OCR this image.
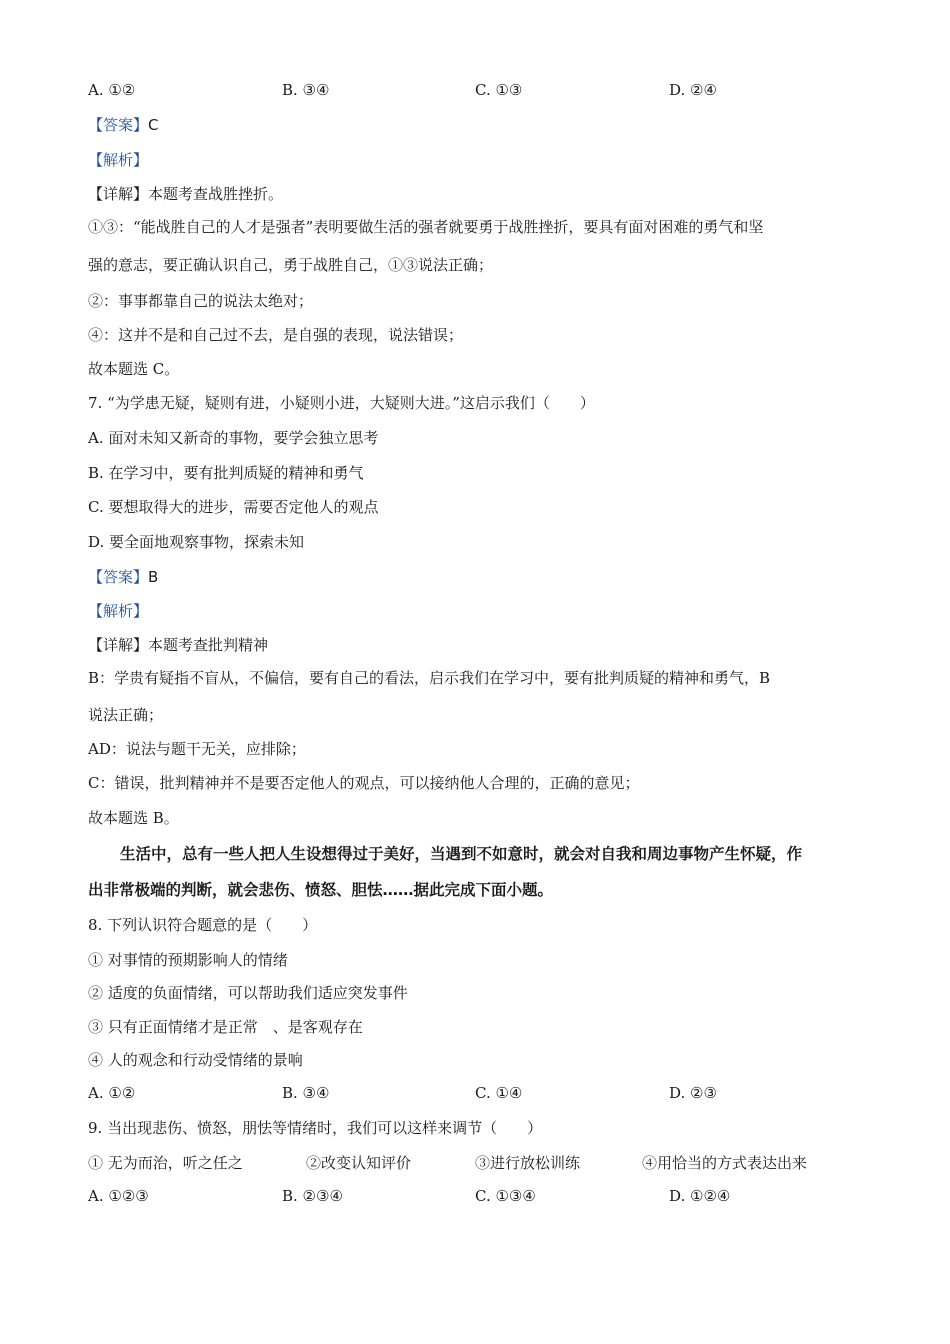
A. ①②	B. ③④	C. ①③	D. ②④
【答案】C
【解析】
【详解】本题考查战胜挫折。
①③：“能战胜自己的人才是强者”表明要做生活的强者就要勇于战胜挫折，要具有面对困难的勇气和坚
强的意志，要正确认识自己，勇于战胜自己，①③说法正确；
②：事事都靠自己的说法太绝对；
④：这并不是和自己过不去，是自强的表现，说法错误；
故本题选 C。
7. “为学患无疑，疑则有进，小疑则小进，大疑则大进。”这启示我们（　　）
A. 面对未知又新奇的事物，要学会独立思考
B. 在学习中，要有批判质疑的精神和勇气
C. 要想取得大的进步，需要否定他人的观点
D. 要全面地观察事物，探索未知
【答案】B
【解析】
【详解】本题考查批判精神
B：学贵有疑指不盲从，不偏信，要有自己的看法，启示我们在学习中，要有批判质疑的精神和勇气，B
说法正确；
AD：说法与题干无关，应排除；
C：错误，批判精神并不是要否定他人的观点，可以接纳他人合理的，正确的意见；
故本题选 B。
生活中，总有一些人把人生设想得过于美好，当遇到不如意时，就会对自我和周边事物产生怀疑，作
出非常极端的判断，就会悲伤、愤怒、胆怯……据此完成下面小题。
8. 下列认识符合题意的是（　　）
① 对事情的预期影响人的情绪
② 适度的负面情绪，可以帮助我们适应突发事件
③ 只有正面情绪才是正常　、是客观存在
④ 人的观念和行动受情绪的景响
A. ①②	B. ③④	C. ①④	D. ②③
9. 当出现悲伤、愤怒，朋怯等情绪时，我们可以这样来调节（　　）
① 无为而治，听之任之	②改变认知评价	③进行放松训练	④用恰当的方式表达出来
A. ①②③	B. ②③④	C. ①③④	D. ①②④
